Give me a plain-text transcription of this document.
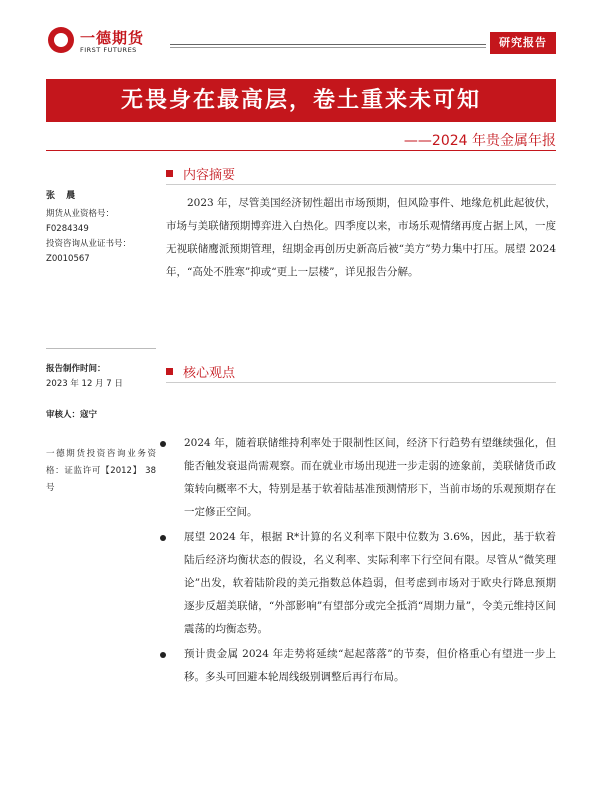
一德期货
FIRST FUTURES
研究报告
无畏身在最高层，卷土重来未可知
——2024 年贵金属年报
张 晨
期货从业资格号：
F0284349
投资咨询从业证书号：
Z0010567
报告制作时间：
2023 年 12 月 7 日
审核人：寇宁
一德期货投资咨询业务资格：证监许可【2012】 38 号
内容摘要
2023 年，尽管美国经济韧性超出市场预期，但风险事件、地缘危机此起彼伏，市场与美联储预期博弈进入白热化。四季度以来，市场乐观情绪再度占据上风，一度无视联储鹰派预期管理，纽期金再创历史新高后被“美方”势力集中打压。展望 2024 年，“高处不胜寒”抑或“更上一层楼”，详见报告分解。
核心观点
2024 年，随着联储维持利率处于限制性区间，经济下行趋势有望继续强化，但能否触发衰退尚需观察。而在就业市场出现进一步走弱的迹象前，美联储货币政策转向概率不大，特别是基于软着陆基准预测情形下，当前市场的乐观预期存在一定修正空间。
展望 2024 年，根据 R*计算的名义利率下限中位数为 3.6%，因此，基于软着陆后经济均衡状态的假设，名义利率、实际利率下行空间有限。尽管从“微笑理论”出发，软着陆阶段的美元指数总体趋弱，但考虑到市场对于欧央行降息预期逐步反超美联储，“外部影响”有望部分或完全抵消“周期力量”，令美元维持区间震荡的均衡态势。
预计贵金属 2024 年走势将延续“起起落落”的节奏，但价格重心有望进一步上移。多头可回避本轮周线级别调整后再行布局。
